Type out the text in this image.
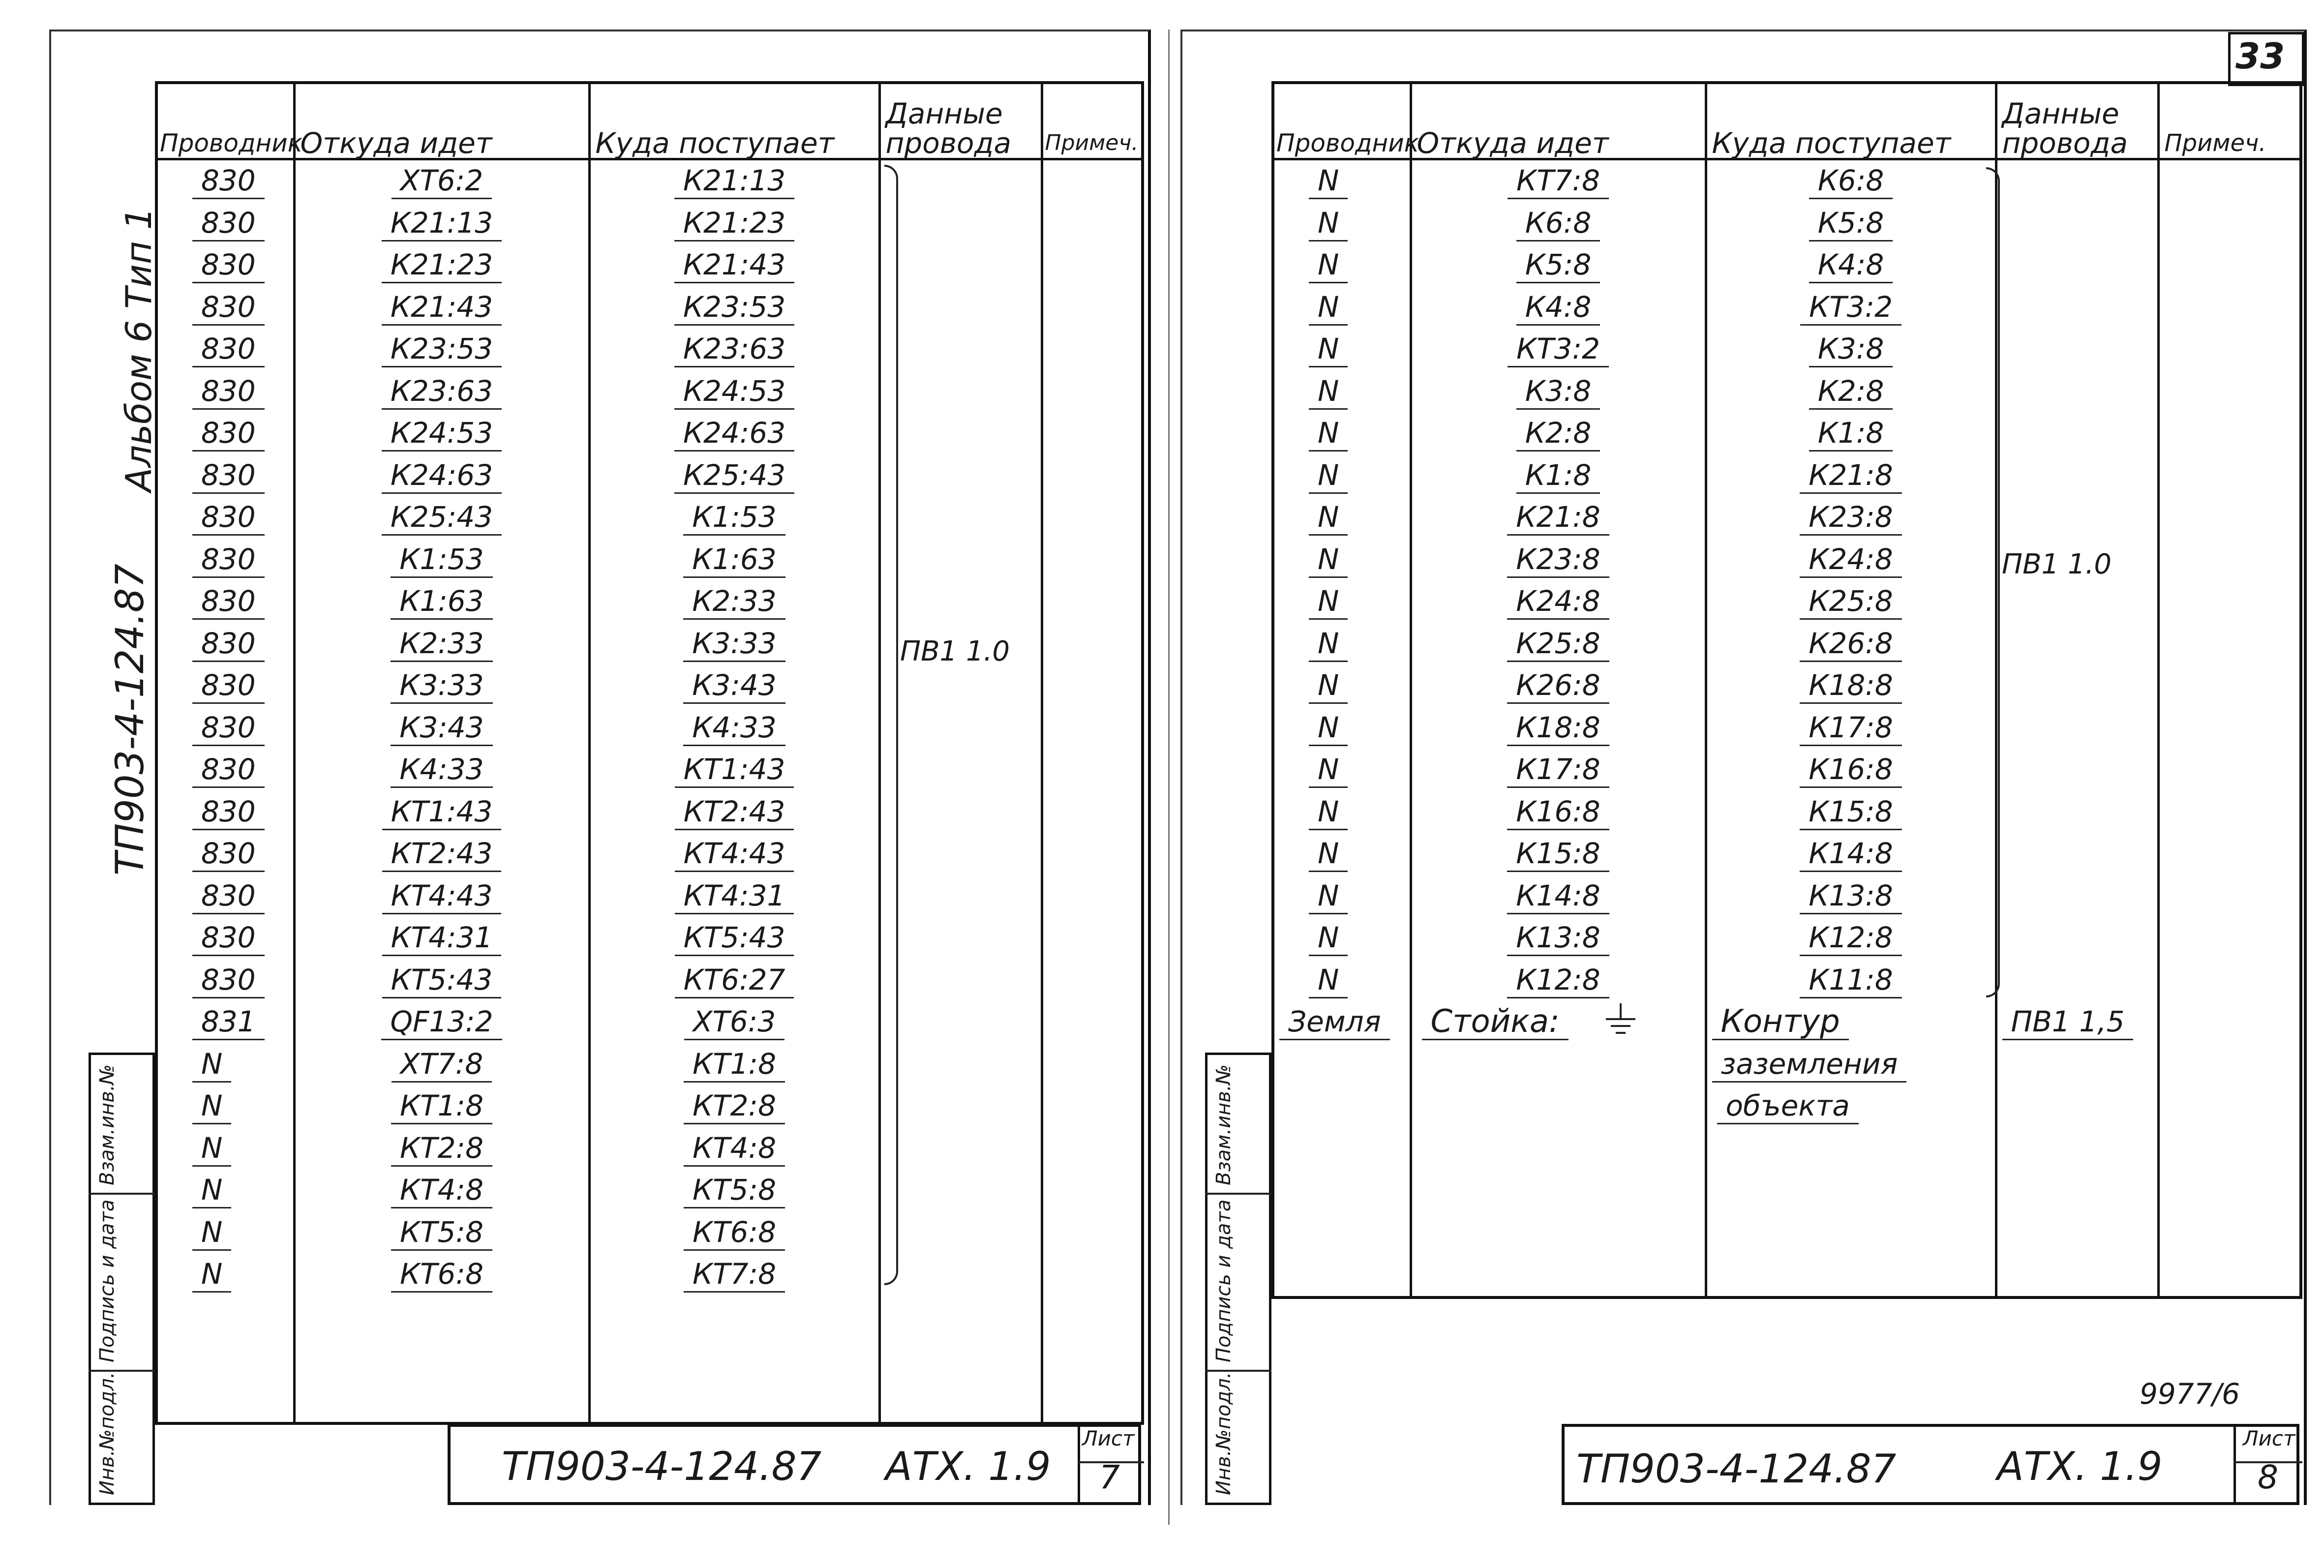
Альбом 6 Тип 1
ТП903-4-124.87
Проводник	Откуда идет	Куда поступает	Данные провода	Примеч.
830	ХТ6:2	К21:13		
830	К21:13	К21:23		
830	К21:23	К21:43		
830	К21:43	К23:53		
830	К23:53	К23:63		
830	К23:63	К24:53		
830	К24:53	К24:63		
830	К24:63	К25:43		
830	К25:43	К1:53		
830	К1:53	К1:63		
830	К1:63	К2:33		
830	К2:33	К3:33		
830	К3:33	К3:43		
830	К3:43	К4:33		
830	К4:33	КТ1:43		
830	КТ1:43	КТ2:43		
830	КТ2:43	КТ4:43		
830	КТ4:43	КТ4:31		
830	КТ4:31	КТ5:43		
830	КТ5:43	КТ6:27		
831	QF13:2	ХТ6:3		
N	ХТ7:8	КТ1:8		
N	КТ1:8	КТ2:8		
N	КТ2:8	КТ4:8		
N	КТ4:8	КТ5:8		
N	КТ5:8	КТ6:8		
N	КТ6:8	КТ7:8		

ПВ1 1.0
Взам.инв.№
Подпись и дата
Инв.№подл.	ТП903-4-124.87 АТХ. 1.9
Лист
7
33
Проводник	Откуда идет	Куда поступает	Данные провода	Примеч.
N	КТ7:8	К6:8		
N	К6:8	К5:8		
N	К5:8	К4:8		
N	К4:8	КТ3:2		
N	КТ3:2	К3:8		
N	К3:8	К2:8		
N	К2:8	К1:8		
N	К1:8	К21:8		
N	К21:8	К23:8		
N	К23:8	К24:8		
N	К24:8	К25:8		
N	К25:8	К26:8		
N	К26:8	К18:8		
N	К18:8	К17:8		
N	К17:8	К16:8		
N	К16:8	К15:8		
N	К15:8	К14:8		
N	К14:8	К13:8		
N	К13:8	К12:8		
N	К12:8	К11:8		
Земля	Стойка:	Контур	ПВ1 1,5	
		заземления		
		объекта		

ПВ1 1.0
Взам.инв.№
Подпись и дата
Инв.№подл.	9977/6
ТП903-4-124.87	АТХ. 1.9
Лист
8
